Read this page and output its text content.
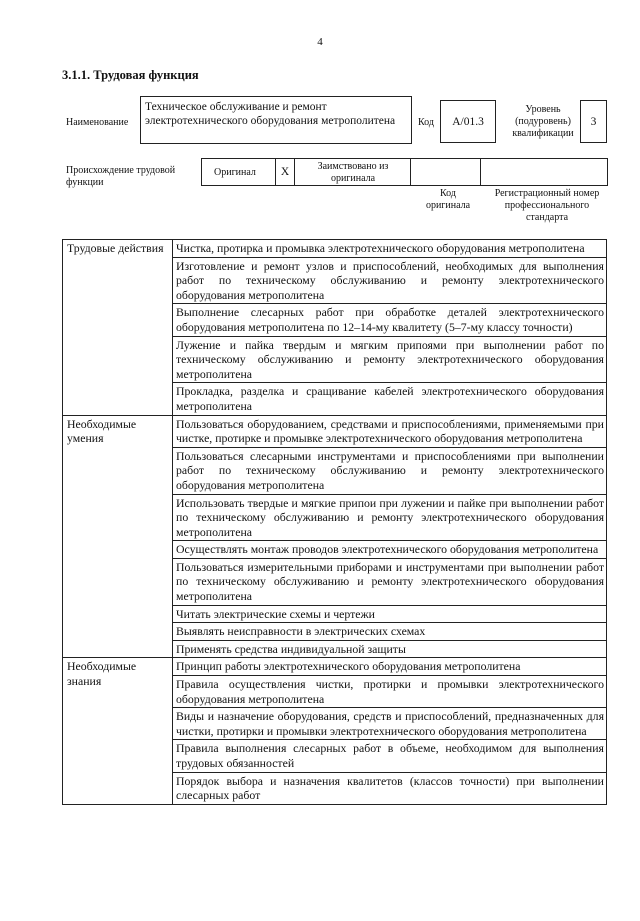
4
3.1.1. Трудовая функция
Наименование
Техническое обслуживание и ремонт электротехнического оборудования метрополитена	Код	A/01.3
Уровень (подуровень) квалификации
3
Происхождение трудовой функции
Оригинал X	Заимствовано из оригинала
Код оригинала
Регистрационный номер профессионального стандарта
Трудовые действия	Чистка, протирка и промывка электротехнического оборудования метрополитена
	Изготовление и ремонт узлов и приспособлений, необходимых для выполнения работ по техническому обслуживанию и ремонту электротехнического оборудования метрополитена
	Выполнение слесарных работ при обработке деталей электротехнического оборудования метрополитена по 12–14-му квалитету (5–7-му классу точности)
	Лужение и пайка твердым и мягким припоями при выполнении работ по техническому обслуживанию и ремонту электротехнического оборудования метрополитена
	Прокладка, разделка и сращивание кабелей электротехнического оборудования метрополитена
Необходимые умения	Пользоваться оборудованием, средствами и приспособлениями, применяемыми при чистке, протирке и промывке электротехнического оборудования метрополитена
	Пользоваться слесарными инструментами и приспособлениями при выполнении работ по техническому обслуживанию и ремонту электротехнического оборудования метрополитена
	Использовать твердые и мягкие припои при лужении и пайке при выполнении работ по техническому обслуживанию и ремонту электротехнического оборудования метрополитена
	Осуществлять монтаж проводов электротехнического оборудования метрополитена
	Пользоваться измерительными приборами и инструментами при выполнении работ по техническому обслуживанию и ремонту электротехнического оборудования метрополитена
	Читать электрические схемы и чертежи
	Выявлять неисправности в электрических схемах
	Применять средства индивидуальной защиты
Необходимые знания	Принцип работы электротехнического оборудования метрополитена
	Правила осуществления чистки, протирки и промывки электротехнического оборудования метрополитена
	Виды и назначение оборудования, средств и приспособлений, предназначенных для чистки, протирки и промывки электротехнического оборудования метрополитена
	Правила выполнения слесарных работ в объеме, необходимом для выполнения трудовых обязанностей
	Порядок выбора и назначения квалитетов (классов точности) при выполнении слесарных работ
